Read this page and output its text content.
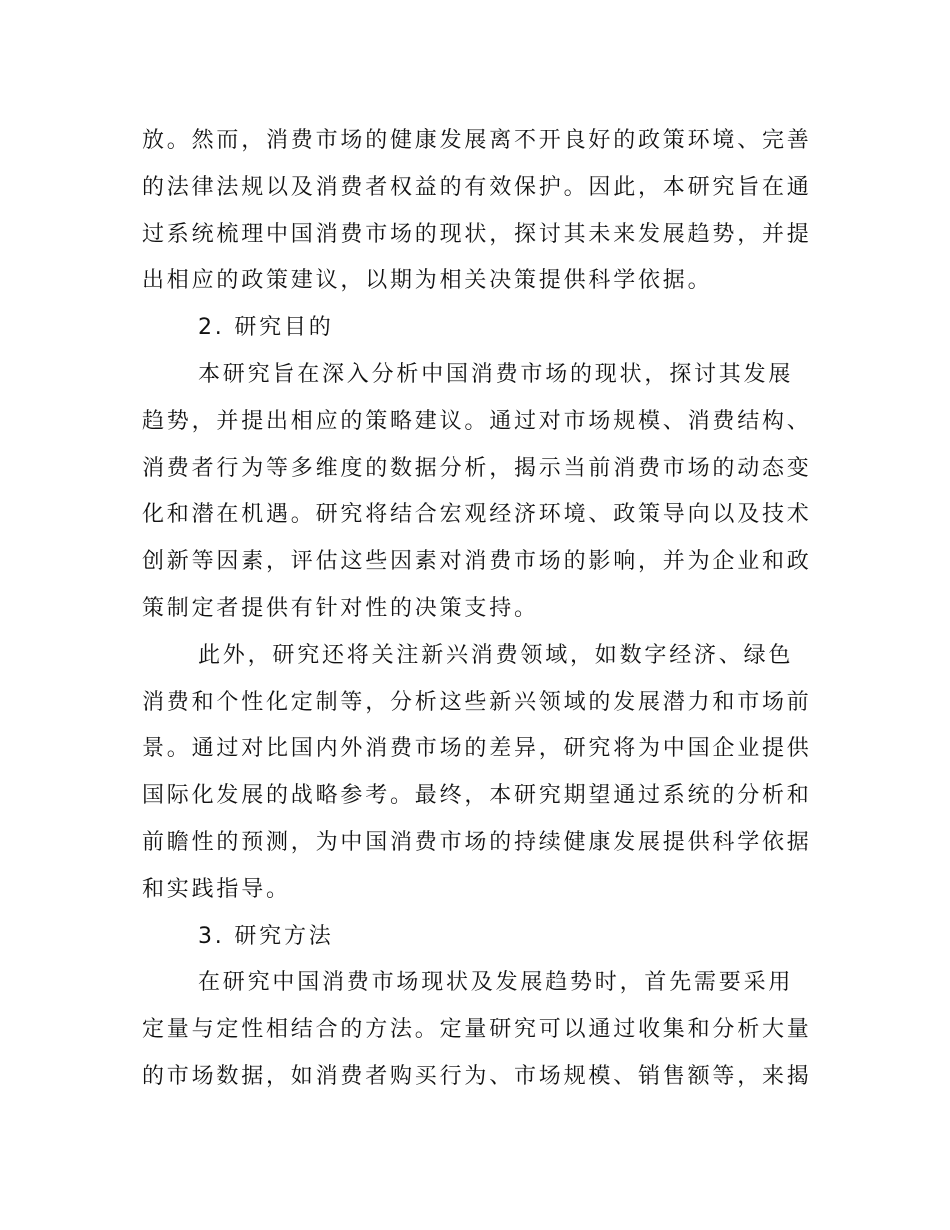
放。然而，消费市场的健康发展离不开良好的政策环境、完善
的法律法规以及消费者权益的有效保护。因此，本研究旨在通
过系统梳理中国消费市场的现状，探讨其未来发展趋势，并提
出相应的政策建议，以期为相关决策提供科学依据。
2. 研究目的
本研究旨在深入分析中国消费市场的现状，探讨其发展
趋势，并提出相应的策略建议。通过对市场规模、消费结构、
消费者行为等多维度的数据分析，揭示当前消费市场的动态变
化和潜在机遇。研究将结合宏观经济环境、政策导向以及技术
创新等因素，评估这些因素对消费市场的影响，并为企业和政
策制定者提供有针对性的决策支持。
此外，研究还将关注新兴消费领域，如数字经济、绿色
消费和个性化定制等，分析这些新兴领域的发展潜力和市场前
景。通过对比国内外消费市场的差异，研究将为中国企业提供
国际化发展的战略参考。最终，本研究期望通过系统的分析和
前瞻性的预测，为中国消费市场的持续健康发展提供科学依据
和实践指导。
3. 研究方法
在研究中国消费市场现状及发展趋势时，首先需要采用
定量与定性相结合的方法。定量研究可以通过收集和分析大量
的市场数据，如消费者购买行为、市场规模、销售额等，来揭
